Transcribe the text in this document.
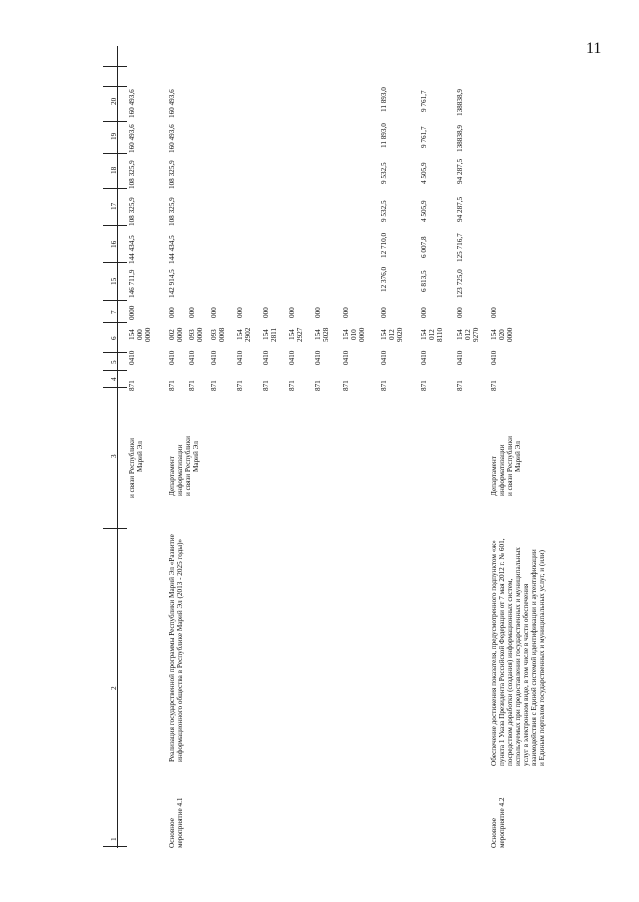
11
1
2
3
4
5
6
7
15
16
17
18
19
20
и связи Республики Марий Эл
871
0410
154 000 0000
0000
146 711,9
144 434,5
108 325,9
108 325,9
160 493,6
160 493,6
Основное мероприятие 4.1
Реализация государственной программы Республики Марий Эл «Развитие информационного общества в Республике Марий Эл (2013 - 2025 годы)»
Департамент информатизации и связи Республики Марий Эл
871
0410
002 0000
000
142 914,5
144 434,5
108 325,9
108 325,9
160 493,6
160 493,6
871
0410
093 0000
000
871
0410
093 0008
000
871
0410
154 2902
000
871
0410
154 2811
000
871
0410
154 2927
000
871
0410
154 5028
000
871
0410
154 010 0000
000
871
0410
154 012 9020
000
12 376,0
12 710,0
9 532,5
9 532,5
11 893,0
11 893,0
871
0410
154 012 8110
000
6 813,5
6 007,8
4 505,9
4 505,9
9 761,7
9 761,7
871
0410
154 012 9270
000
123 725,0
125 716,7
94 287,5
94 287,5
138838,9
138838,9
Основное мероприятие 4.2
Обеспечение достижения показателя, предусмотренного подпунктом «ж» пункта 1 Указа Президента Российской Федерации от 7 мая 2012 г. № 601, посредством доработки (создания) информационных систем, используемых при предоставлении государственных и муниципальных услуг в электронном виде, в том числе в части обеспечения взаимодействия с Единой системой идентификации и аутентификации и Единым порталом государственных и муниципальных услуг, и (или)
Департамент информатизации и связи Республики Марий Эл
871
0410
154 020 0000
000
